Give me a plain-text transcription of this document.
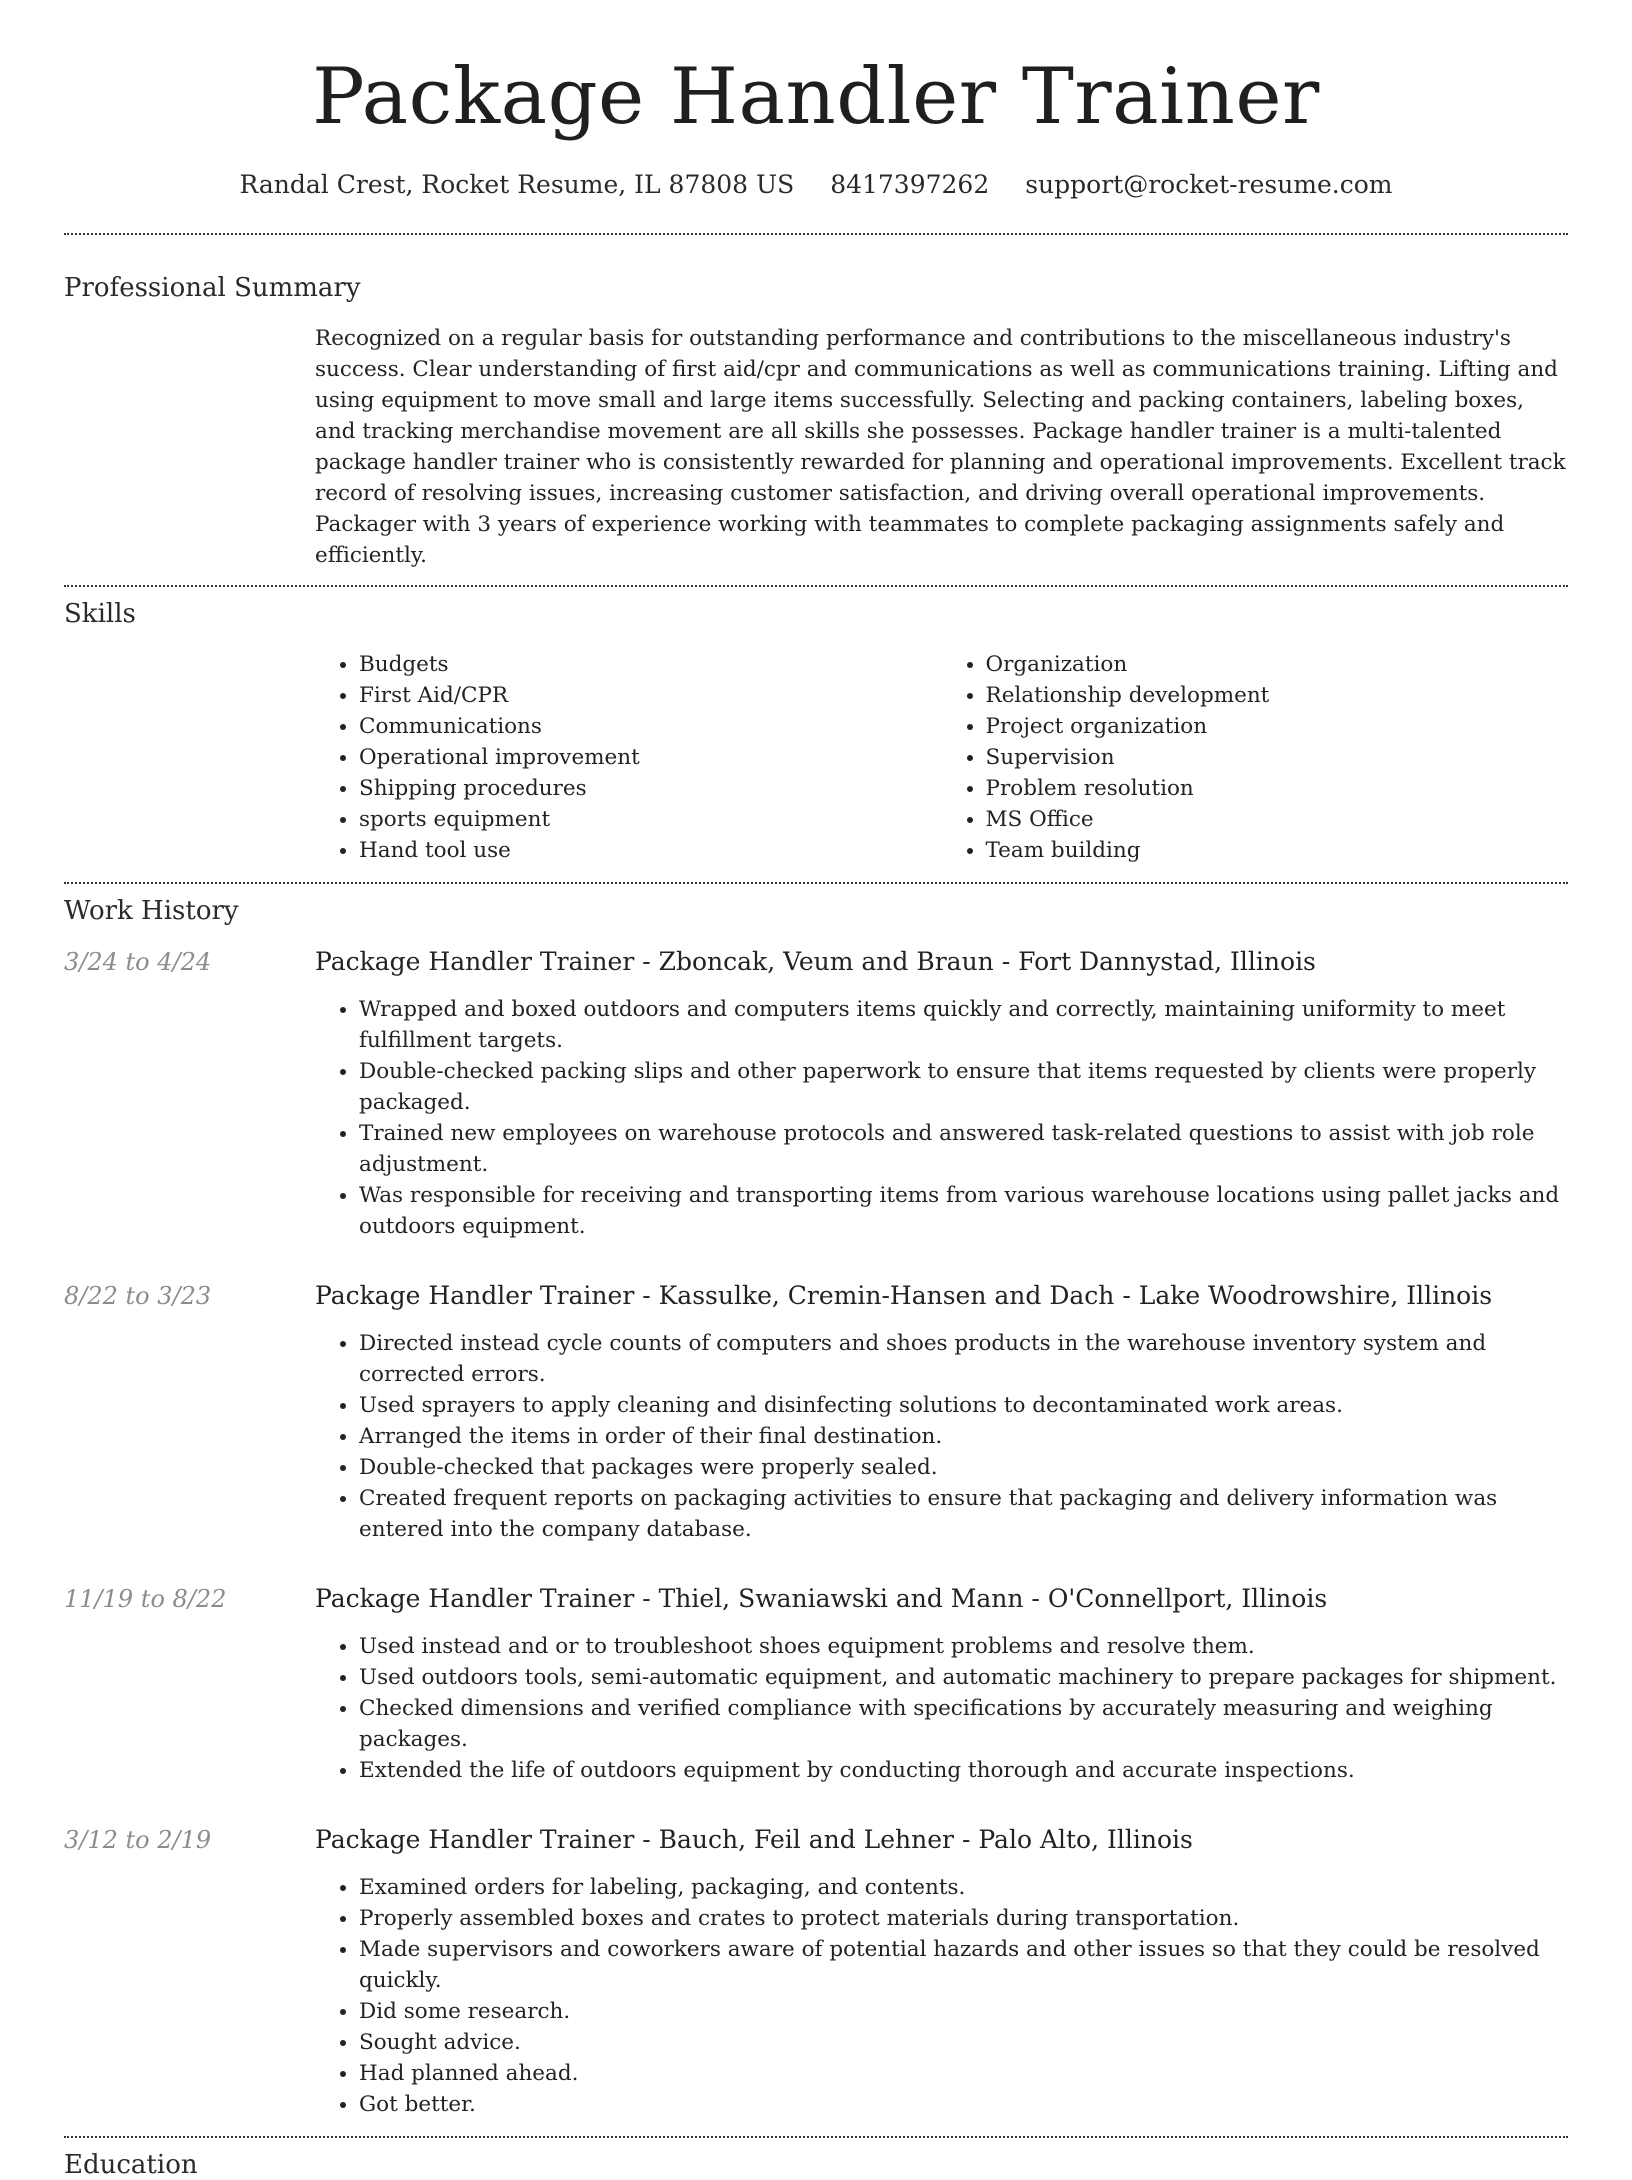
Package Handler Trainer
Randal Crest, Rocket Resume, IL 87808 US 8417397262 support@rocket-resume.com
Professional Summary

Recognized on a regular basis for outstanding performance and contributions to the miscellaneous industry's success. Clear understanding of first aid/cpr and communications as well as communications training. Lifting and using equipment to move small and large items successfully. Selecting and packing containers, labeling boxes, and tracking merchandise movement are all skills she possesses. Package handler trainer is a multi-talented package handler trainer who is consistently rewarded for planning and operational improvements. Excellent track record of resolving issues, increasing customer satisfaction, and driving overall operational improvements. Packager with 3 years of experience working with teammates to complete packaging assignments safely and efficiently.

Skills
• Budgets
• First Aid/CPR
• Communications
• Operational improvement
• Shipping procedures
• sports equipment
• Hand tool use
• Organization
• Relationship development
• Project organization
• Supervision
• Problem resolution
• MS Office
• Team building
Work History
3/24 to 4/24	Package Handler Trainer - Zboncak, Veum and Braun - Fort Dannystad, Illinois
• Wrapped and boxed outdoors and computers items quickly and correctly, maintaining uniformity to meet fulfillment targets.
• Double-checked packing slips and other paperwork to ensure that items requested by clients were properly packaged.
• Trained new employees on warehouse protocols and answered task-related questions to assist with job role adjustment.
• Was responsible for receiving and transporting items from various warehouse locations using pallet jacks and outdoors equipment.
8/22 to 3/23	Package Handler Trainer - Kassulke, Cremin-Hansen and Dach - Lake Woodrowshire, Illinois
• Directed instead cycle counts of computers and shoes products in the warehouse inventory system and corrected errors.
• Used sprayers to apply cleaning and disinfecting solutions to decontaminated work areas.
• Arranged the items in order of their final destination.
• Double-checked that packages were properly sealed.
• Created frequent reports on packaging activities to ensure that packaging and delivery information was entered into the company database.
11/19 to 8/22	Package Handler Trainer - Thiel, Swaniawski and Mann - O'Connellport, Illinois
• Used instead and or to troubleshoot shoes equipment problems and resolve them.
• Used outdoors tools, semi-automatic equipment, and automatic machinery to prepare packages for shipment.
• Checked dimensions and verified compliance with specifications by accurately measuring and weighing packages.
• Extended the life of outdoors equipment by conducting thorough and accurate inspections.
3/12 to 2/19	Package Handler Trainer - Bauch, Feil and Lehner - Palo Alto, Illinois
• Examined orders for labeling, packaging, and contents.
• Properly assembled boxes and crates to protect materials during transportation.
• Made supervisors and coworkers aware of potential hazards and other issues so that they could be resolved quickly.
• Did some research.
• Sought advice.
• Had planned ahead.
• Got better.
Education
